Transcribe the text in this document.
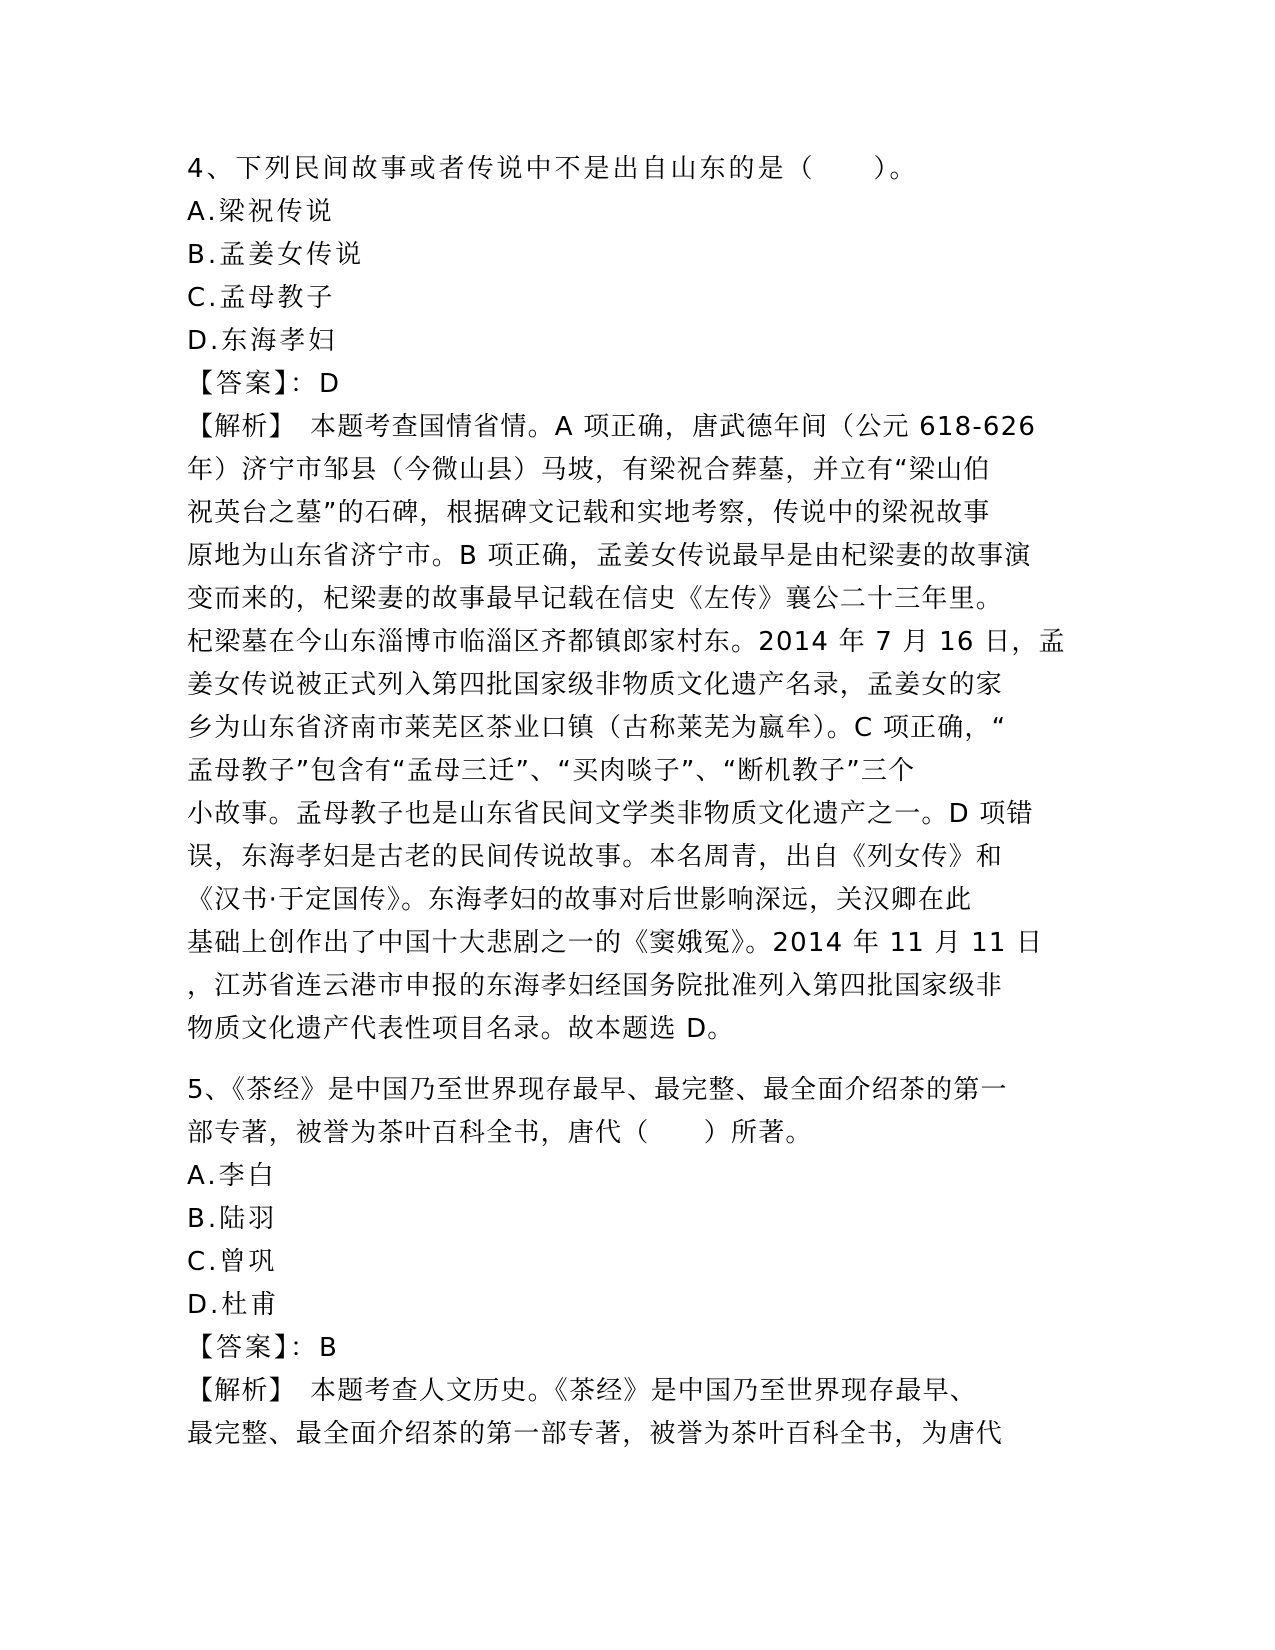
4、下列民间故事或者传说中不是出自山东的是（　　）。
A.梁祝传说
B.孟姜女传说
C.孟母教子
D.东海孝妇
【答案】：D
【解析】　本题考查国情省情。A 项正确，唐武德年间（公元 618-626
年）济宁市邹县（今微山县）马坡，有梁祝合葬墓，并立有“梁山伯
祝英台之墓”的石碑，根据碑文记载和实地考察，传说中的梁祝故事
原地为山东省济宁市。B 项正确，孟姜女传说最早是由杞梁妻的故事演
变而来的，杞梁妻的故事最早记载在信史《左传》襄公二十三年里。
杞梁墓在今山东淄博市临淄区齐都镇郎家村东。2014 年 7 月 16 日，孟
姜女传说被正式列入第四批国家级非物质文化遗产名录，孟姜女的家
乡为山东省济南市莱芜区茶业口镇（古称莱芜为嬴牟）。C 项正确，“
孟母教子”包含有“孟母三迁”、“买肉啖子”、“断机教子”三个
小故事。孟母教子也是山东省民间文学类非物质文化遗产之一。D 项错
误，东海孝妇是古老的民间传说故事。本名周青，出自《列女传》和
《汉书·于定国传》。东海孝妇的故事对后世影响深远，关汉卿在此
基础上创作出了中国十大悲剧之一的《窦娥冤》。2014 年 11 月 11 日
，江苏省连云港市申报的东海孝妇经国务院批准列入第四批国家级非
物质文化遗产代表性项目名录。故本题选 D。
5、《茶经》是中国乃至世界现存最早、最完整、最全面介绍茶的第一
部专著，被誉为茶叶百科全书，唐代（　　）所著。
A.李白
B.陆羽
C.曾巩
D.杜甫
【答案】：B
【解析】　本题考查人文历史。《茶经》是中国乃至世界现存最早、
最完整、最全面介绍茶的第一部专著，被誉为茶叶百科全书，为唐代
